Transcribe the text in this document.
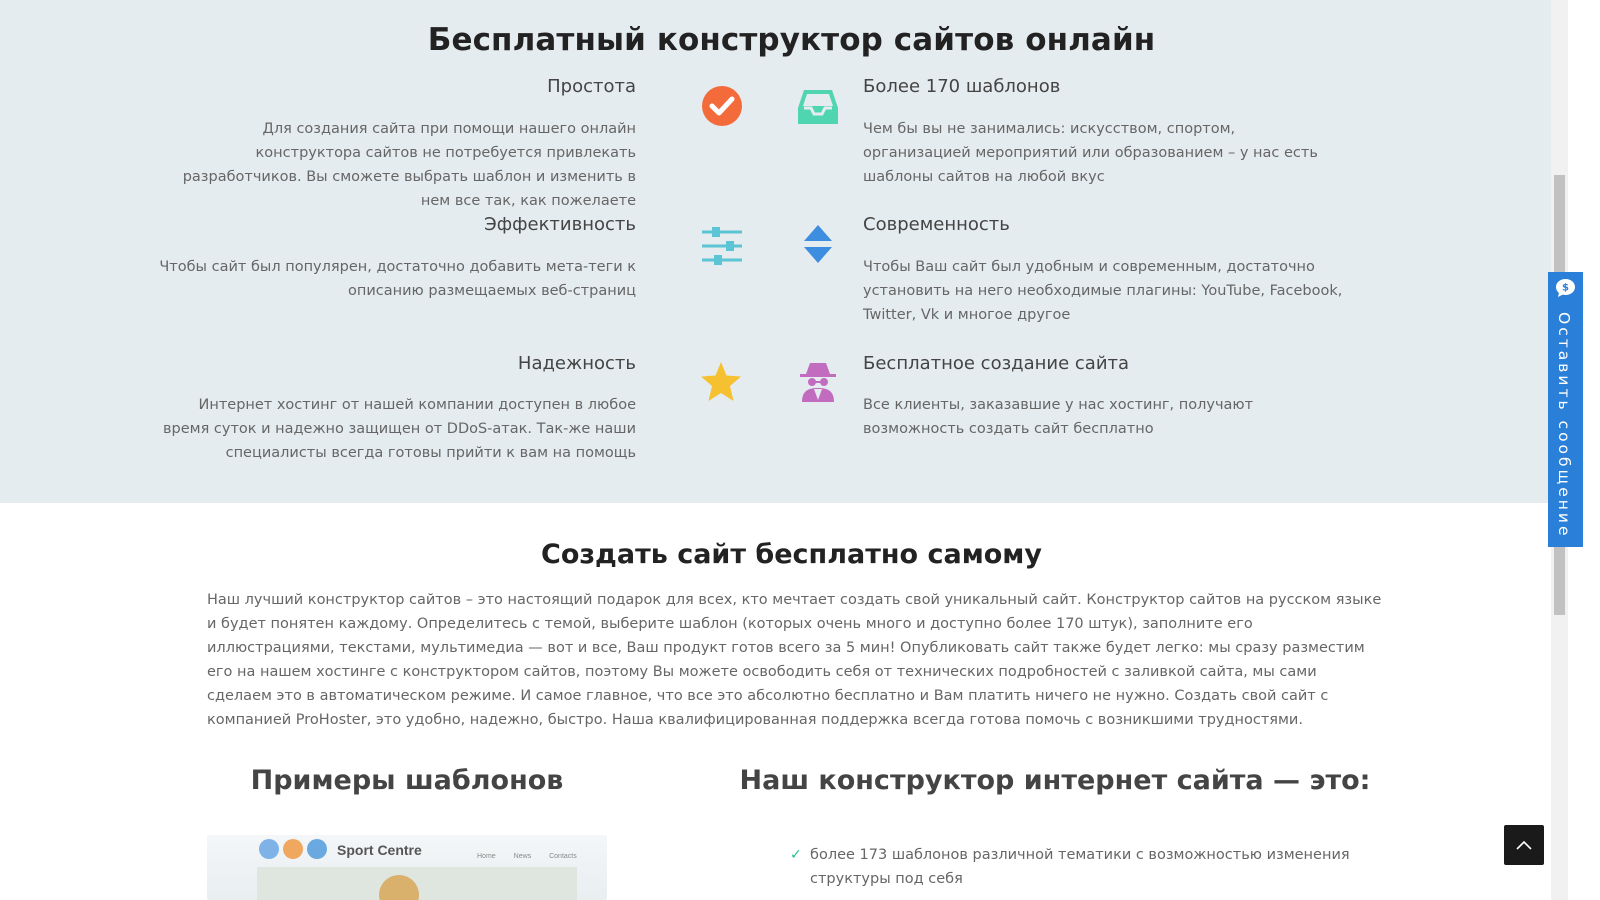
Бесплатный конструктор сайтов онлайн
Простота

Для создания сайта при помощи нашего онлайн конструктора сайтов не потребуется привлекать разработчиков. Вы сможете выбрать шаблон и изменить в нем все так, как пожелаете

Более 170 шаблонов

Чем бы вы не занимались: искусством, спортом, организацией мероприятий или образованием – у нас есть шаблоны сайтов на любой вкус

Эффективность

Чтобы сайт был популярен, достаточно добавить мета-теги к описанию размещаемых веб-страниц

Современность

Чтобы Ваш сайт был удобным и современным, достаточно установить на него необходимые плагины: YouTube, Facebook, Twitter, Vk и многое другое

Надежность

Интернет хостинг от нашей компании доступен в любое время суток и надежно защищен от DDoS-атак. Так-же наши специалисты всегда готовы прийти к вам на помощь

Бесплатное создание сайта

Все клиенты, заказавшие у нас хостинг, получают возможность создать сайт бесплатно

Создать сайт бесплатно самому

Наш лучший конструктор сайтов – это настоящий подарок для всех, кто мечтает создать свой уникальный сайт. Конструктор сайтов на русском языке и будет понятен каждому. Определитесь с темой, выберите шаблон (которых очень много и доступно более 170 штук), заполните его иллюстрациями, текстами, мультимедиа — вот и все, Ваш продукт готов всего за 5 мин! Опубликовать сайт также будет легко: мы сразу разместим его на нашем хостинге с конструктором сайтов, поэтому Вы можете освободить себя от технических подробностей с заливкой сайта, мы сами сделаем это в автоматическом режиме. И самое главное, что все это абсолютно бесплатно и Вам платить ничего не нужно. Создать свой сайт с компанией ProHoster, это удобно, надежно, быстро. Наша квалифицированная поддержка всегда готова помочь с возникшими трудностями.

Примеры шаблонов	Наш конструктор интернет сайта — это:
Sport Centre	Home	News	Contacts	✓ более 173 шаблонов различной тематики с возможностью изменения структуры под себя
$
Оставить сообщение
